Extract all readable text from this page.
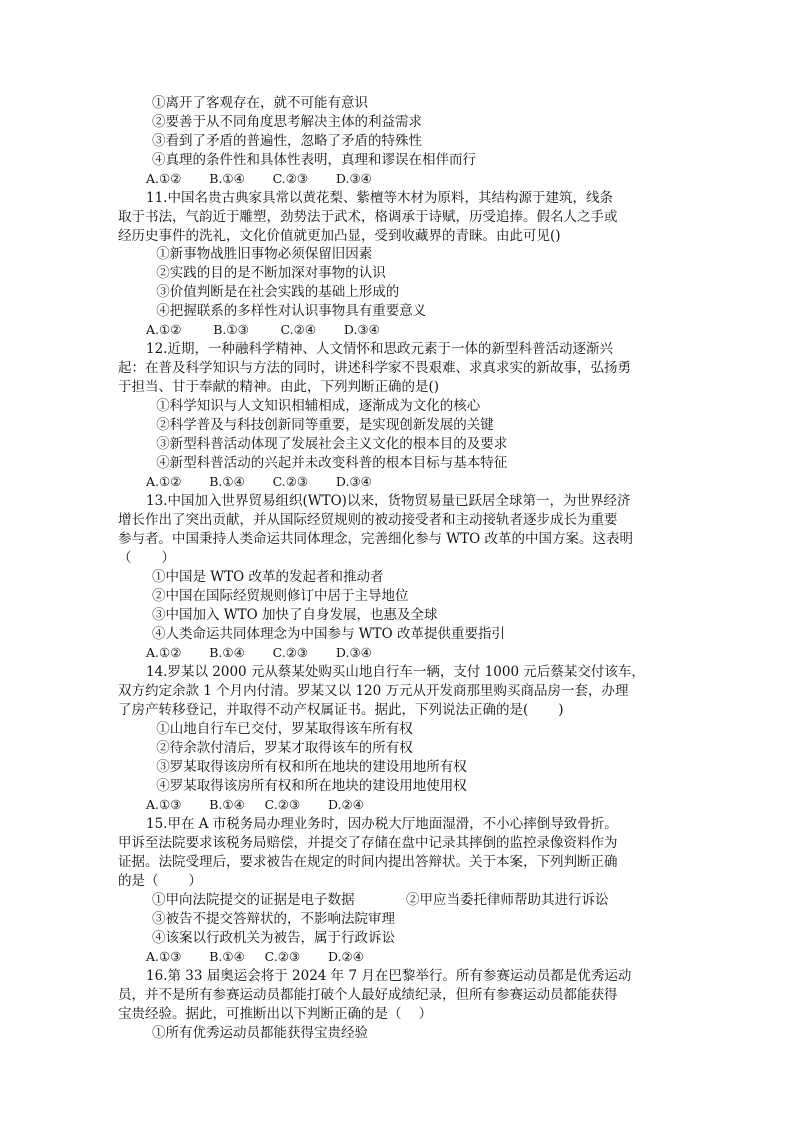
①离开了客观存在，就不可能有意识
②要善于从不同角度思考解决主体的利益需求
③看到了矛盾的普遍性，忽略了矛盾的特殊性
④真理的条件性和具体性表明，真理和谬误在相伴而行
A.①②       B.①④       C.②③       D.③④
11.中国名贵古典家具常以黄花梨、紫檀等木材为原料，其结构源于建筑，线条
取于书法，气韵近于雕塑，劲势法于武术，格调承于诗赋，历受追捧。假名人之手或
经历史事件的洗礼，文化价值就更加凸显，受到收藏界的青睐。由此可见()
①新事物战胜旧事物必须保留旧因素
②实践的目的是不断加深对事物的认识
③价值判断是在社会实践的基础上形成的
④把握联系的多样性对认识事物具有重要意义
A.①②        B.①③        C.②④       D.③④
12.近期，一种融科学精神、人文情怀和思政元素于一体的新型科普活动逐渐兴
起：在普及科学知识与方法的同时，讲述科学家不畏艰难、求真求实的新故事，弘扬勇
于担当、甘于奉献的精神。由此，下列判断正确的是()
①科学知识与人文知识相辅相成，逐渐成为文化的核心
②科学普及与科技创新同等重要，是实现创新发展的关键
③新型科普活动体现了发展社会主义文化的根本目的及要求
④新型科普活动的兴起并未改变科普的根本目标与基本特征
A.①②       B.①④       C.②③       D.③④
13.中国加入世界贸易组织(WTO)以来，货物贸易量已跃居全球第一，为世界经济
增长作出了突出贡献，并从国际经贸规则的被动接受者和主动接轨者逐步成长为重要
参与者。中国秉持人类命运共同体理念，完善细化参与 WTO 改革的中国方案。这表明
（       ）
①中国是 WTO 改革的发起者和推动者
②中国在国际经贸规则修订中居于主导地位
③中国加入 WTO 加快了自身发展，也惠及全球
④人类命运共同体理念为中国参与 WTO 改革提供重要指引
A.①②       B.①④       C.②③       D.③④
14.罗某以 2000 元从蔡某处购买山地自行车一辆，支付 1000 元后蔡某交付该车，
双方约定余款 1 个月内付清。罗某又以 120 万元从开发商那里购买商品房一套，办理
了房产转移登记，并取得不动产权属证书。据此，下列说法正确的是(       )
①山地自行车已交付，罗某取得该车所有权
②待余款付清后，罗某才取得该车的所有权
③罗某取得该房所有权和所在地块的建设用地所有权
④罗某取得该房所有权和所在地块的建设用地使用权
A.①③       B.①④     C.②③       D.②④
15.甲在 A 市税务局办理业务时，因办税大厅地面湿滑，不小心摔倒导致骨折。
甲诉至法院要求该税务局赔偿，并提交了存储在盘中记录其摔倒的监控录像资料作为
证据。法院受理后，要求被告在规定的时间内提出答辩状。关于本案，下列判断正确
的是（       ）
①甲向法院提交的证据是电子数据            ②甲应当委托律师帮助其进行诉讼
③被告不提交答辩状的，不影响法院审理
④该案以行政机关为被告，属于行政诉讼
A.①③       B.①④     C.②③       D.②④
16.第 33 届奥运会将于 2024 年 7 月在巴黎举行。所有参赛运动员都是优秀运动
员，并不是所有参赛运动员都能打破个人最好成绩纪录，但所有参赛运动员都能获得
宝贵经验。据此，可推断出以下判断正确的是（    ）
①所有优秀运动员都能获得宝贵经验
